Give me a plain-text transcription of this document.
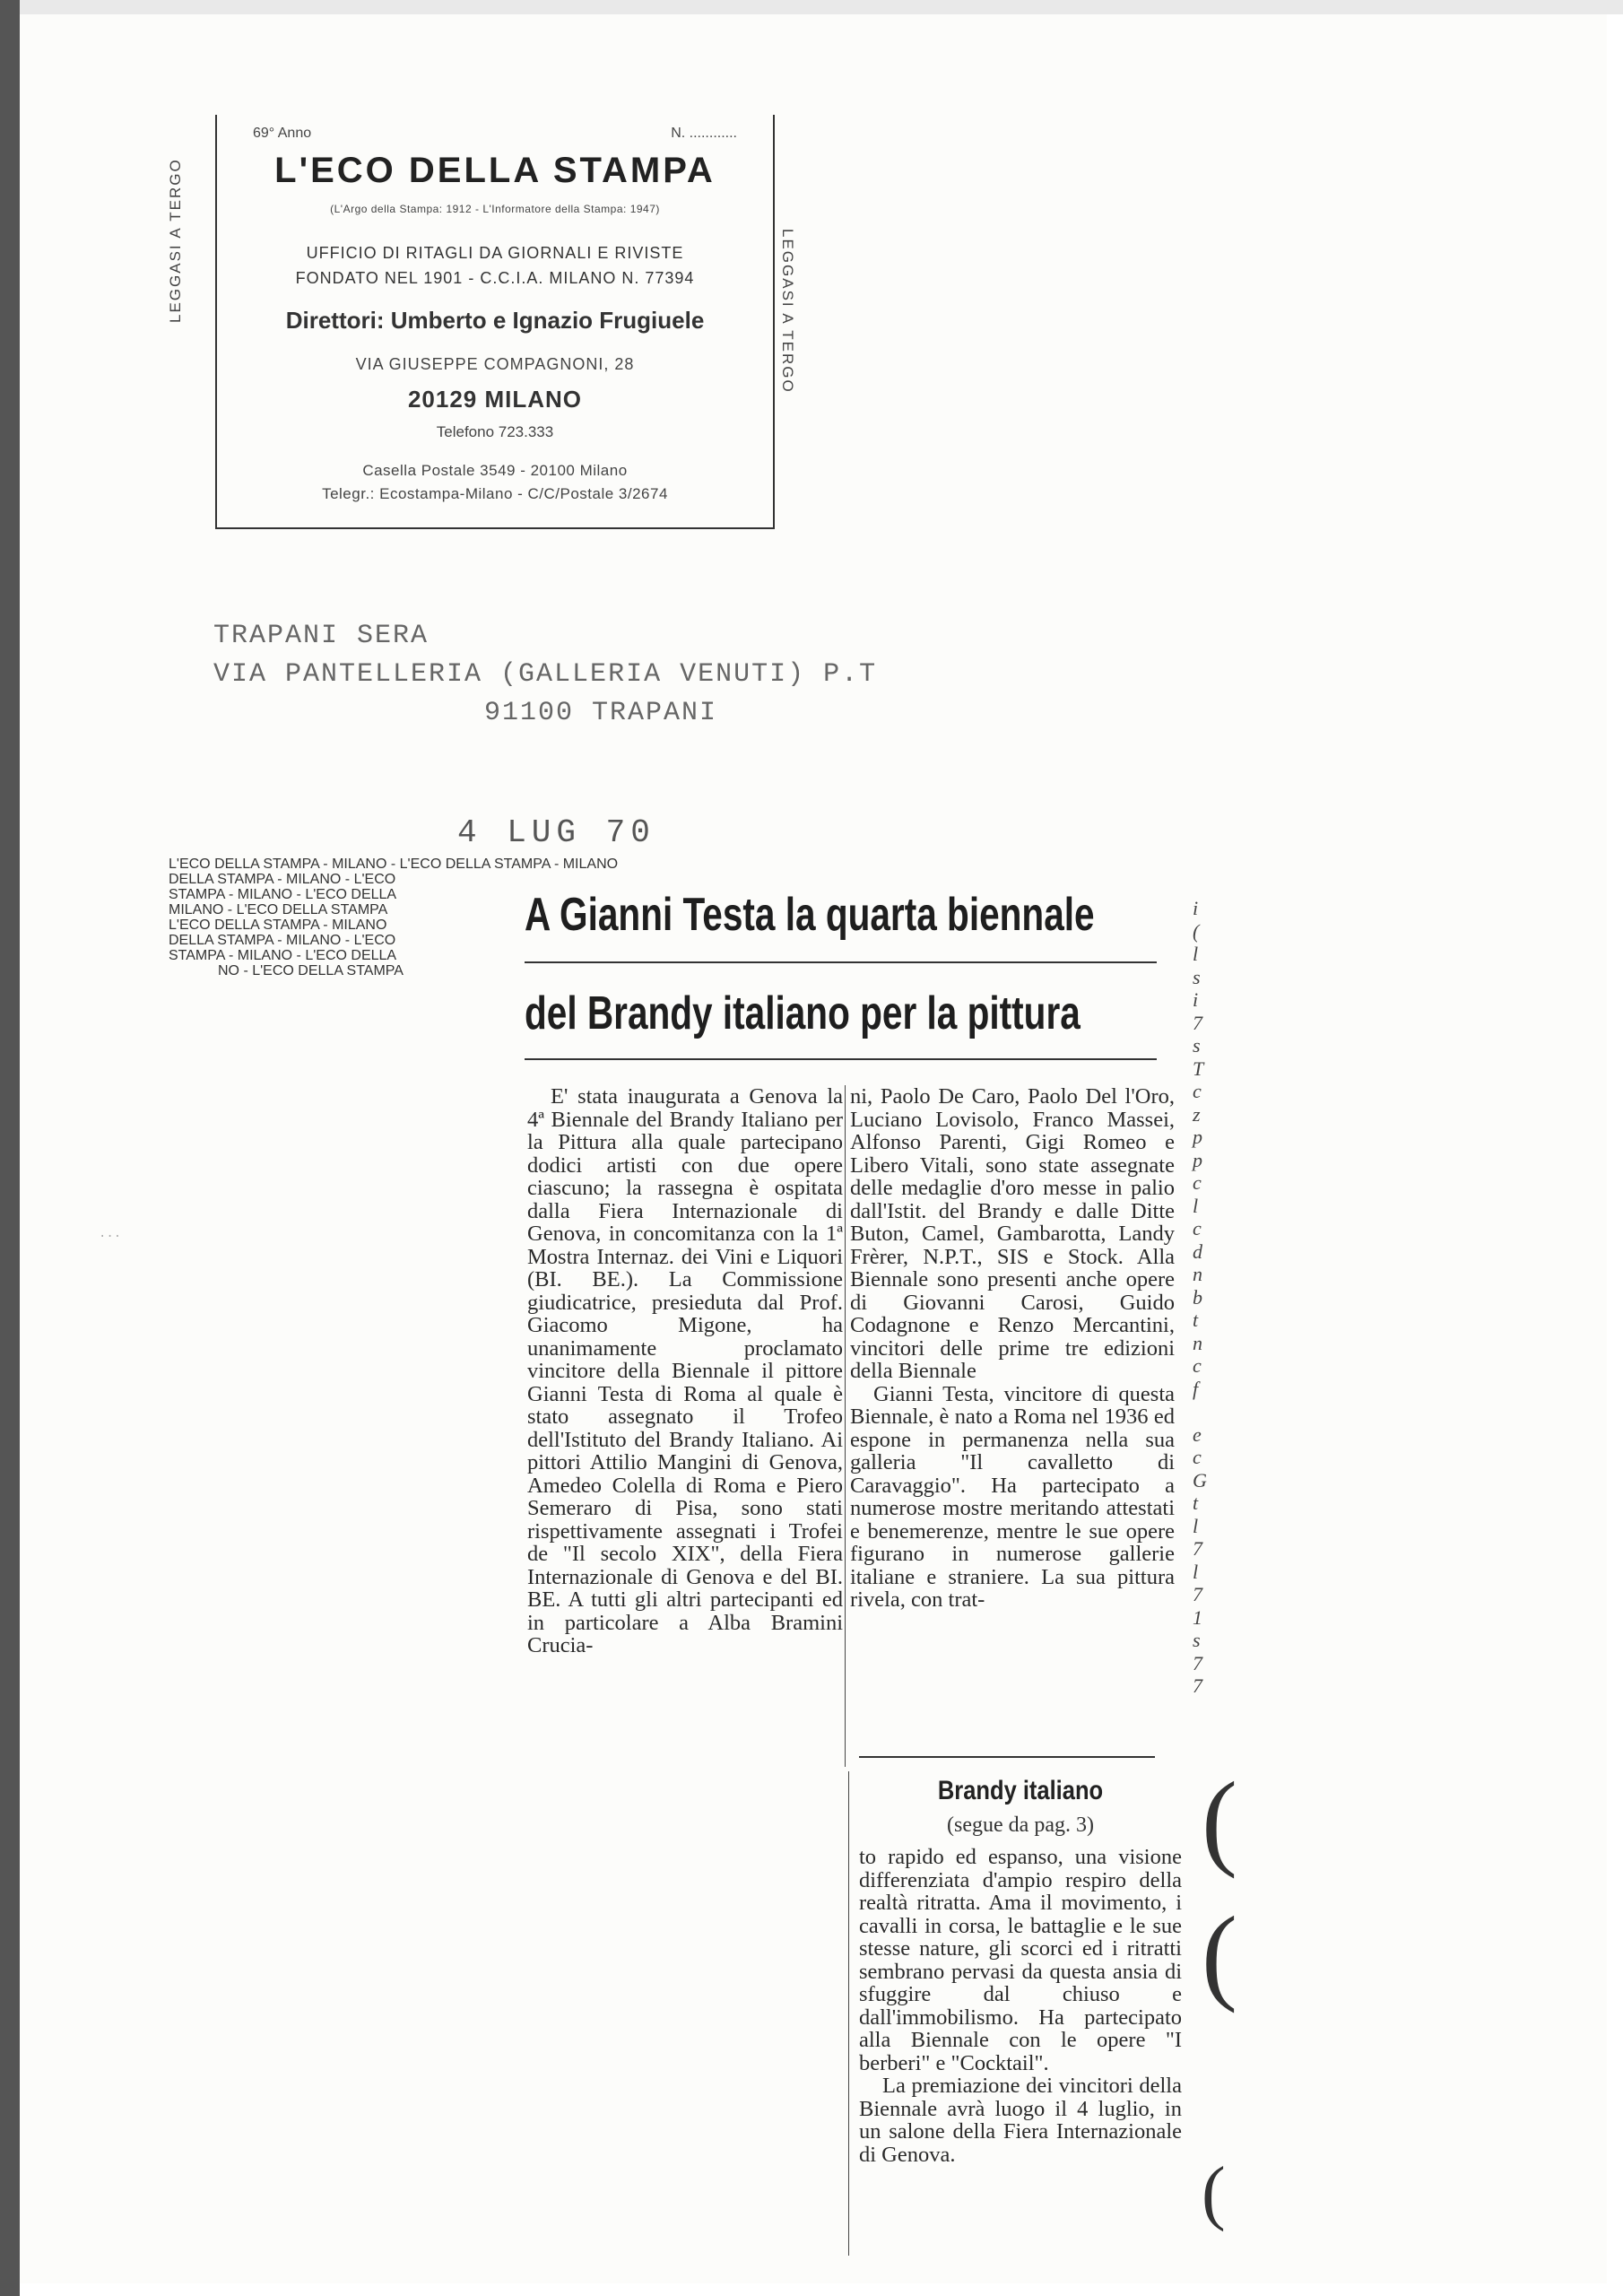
69° Anno	N. ............
L'ECO DELLA STAMPA
(L'Argo della Stampa: 1912 - L'Informatore della Stampa: 1947)
UFFICIO DI RITAGLI DA GIORNALI E RIVISTE
FONDATO NEL 1901 - C.C.I.A. MILANO N. 77394
Direttori: Umberto e Ignazio Frugiuele
VIA GIUSEPPE COMPAGNONI, 28
20129 MILANO
Telefono 723.333
Casella Postale 3549 - 20100 Milano
Telegr.: Ecostampa-Milano - C/C/Postale 3/2674
LEGGASI A TERGO	LEGGASI A TERGO
TRAPANI SERA
VIA PANTELLERIA (GALLERIA VENUTI) P.T
91100 TRAPANI
4 LUG 70
L'ECO DELLA STAMPA - MILANO - L'ECO DELLA STAMPA - MILANO
DELLA STAMPA - MILANO - L'ECO
STAMPA - MILANO - L'ECO DELLA
MILANO - L'ECO DELLA STAMPA
L'ECO DELLA STAMPA - MILANO
DELLA STAMPA - MILANO - L'ECO
STAMPA - MILANO - L'ECO DELLA
NO - L'ECO DELLA STAMPA
A Gianni Testa la quarta biennale
del Brandy italiano per la pittura

E' stata inaugurata a Genova la 4ª Biennale del Brandy Italiano per la Pittura alla quale partecipano dodici artisti con due opere ciascuno; la rassegna è ospitata dalla Fiera Internazionale di Genova, in concomitanza con la 1ª Mostra Internaz. dei Vini e Liquori (BI. BE.). La Commissione giudicatrice, presieduta dal Prof. Giacomo Migone, ha unanimamente proclamato vincitore della Biennale il pittore Gianni Testa di Roma al quale è stato assegnato il Trofeo dell'Istituto del Brandy Italiano. Ai pittori Attilio Mangini di Genova, Amedeo Colella di Roma e Piero Semeraro di Pisa, sono stati rispettivamente assegnati i Trofei de "Il secolo XIX", della Fiera Internazionale di Genova e del BI. BE. A tutti gli altri partecipanti ed in particolare a Alba Bramini Crucia-

ni, Paolo De Caro, Paolo Del l'Oro, Luciano Lovisolo, Franco Massei, Alfonso Parenti, Gigi Romeo e Libero Vitali, sono state assegnate delle medaglie d'oro messe in palio dall'Istit. del Brandy e dalle Ditte Buton, Camel, Gambarotta, Landy Frèrer, N.P.T., SIS e Stock. Alla Biennale sono presenti anche opere di Giovanni Carosi, Guido Codagnone e Renzo Mercantini, vincitori delle prime tre edizioni della Biennale

Gianni Testa, vincitore di questa Biennale, è nato a Roma nel 1936 ed espone in permanenza nella sua galleria "Il cavalletto di Caravaggio". Ha partecipato a numerose mostre meritando attestati e benemerenze, mentre le sue opere figurano in numerose gallerie italiane e straniere. La sua pittura rivela, con trat-

Brandy italiano
(segue da pag. 3)

to rapido ed espanso, una visione differenziata d'ampio respiro della realtà ritratta. Ama il movimento, i cavalli in corsa, le battaglie e le sue stesse nature, gli scorci ed i ritratti sembrano pervasi da questa ansia di sfuggire dal chiuso e dall'immobilismo. Ha partecipato alla Biennale con le opere "I berberi" e "Cocktail".

La premiazione dei vincitori della Biennale avrà luogo il 4 luglio, in un salone della Fiera Internazionale di Genova.

i
(
l
s
i
7
s
T
c
z
p
p
c
l
c
d
n
b
t
n
c
f
e
c
G
t
l
7
l
7
1
s
7
7
...
(
(
(
